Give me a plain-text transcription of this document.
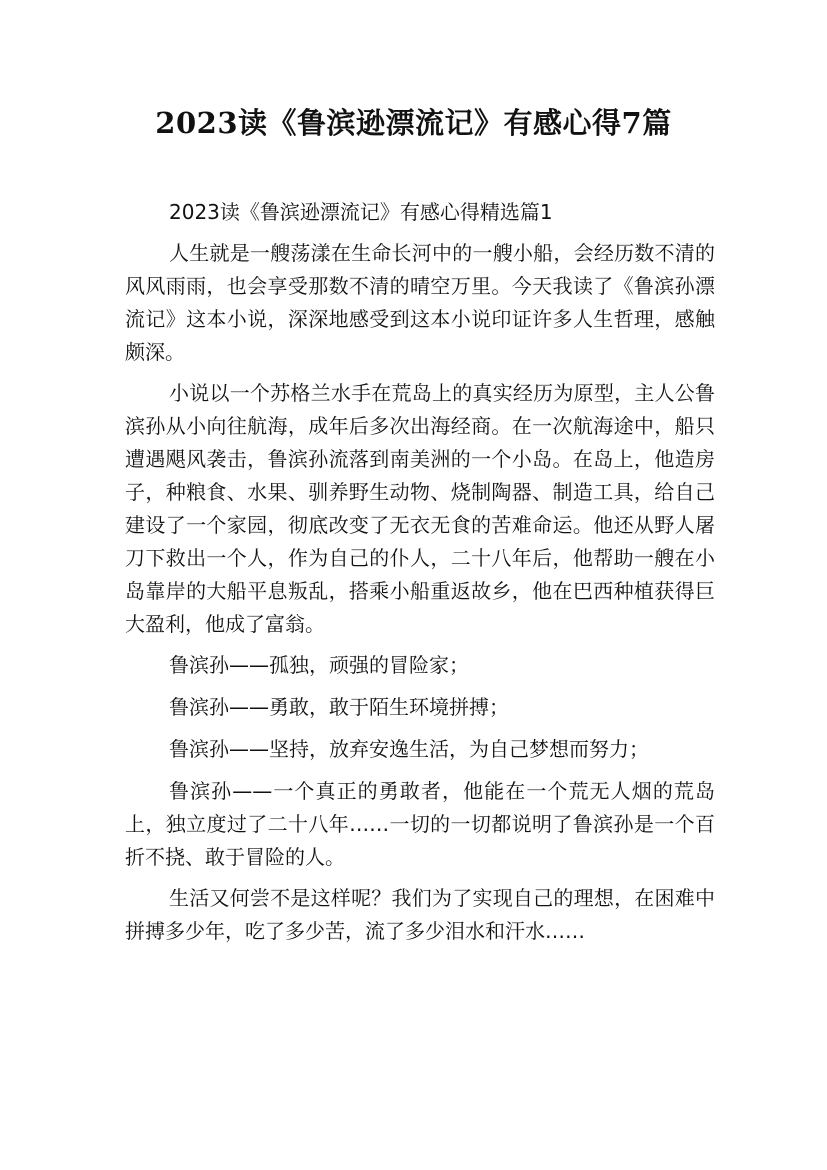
2023读《鲁滨逊漂流记》有感心得7篇

2023读《鲁滨逊漂流记》有感心得精选篇1

人生就是一艘荡漾在生命长河中的一艘小船，会经历数不清的风风雨雨，也会享受那数不清的晴空万里。今天我读了《鲁滨孙漂流记》这本小说，深深地感受到这本小说印证许多人生哲理，感触颇深。

小说以一个苏格兰水手在荒岛上的真实经历为原型，主人公鲁滨孙从小向往航海，成年后多次出海经商。在一次航海途中，船只遭遇飓风袭击，鲁滨孙流落到南美洲的一个小岛。在岛上，他造房子，种粮食、水果、驯养野生动物、烧制陶器、制造工具，给自己建设了一个家园，彻底改变了无衣无食的苦难命运。他还从野人屠刀下救出一个人，作为自己的仆人，二十八年后，他帮助一艘在小岛靠岸的大船平息叛乱，搭乘小船重返故乡，他在巴西种植获得巨大盈利，他成了富翁。

鲁滨孙——孤独，顽强的冒险家；

鲁滨孙——勇敢，敢于陌生环境拼搏；

鲁滨孙——坚持，放弃安逸生活，为自己梦想而努力；

鲁滨孙——一个真正的勇敢者，他能在一个荒无人烟的荒岛上，独立度过了二十八年……一切的一切都说明了鲁滨孙是一个百折不挠、敢于冒险的人。

生活又何尝不是这样呢？我们为了实现自己的理想，在困难中拼搏多少年，吃了多少苦，流了多少泪水和汗水……
